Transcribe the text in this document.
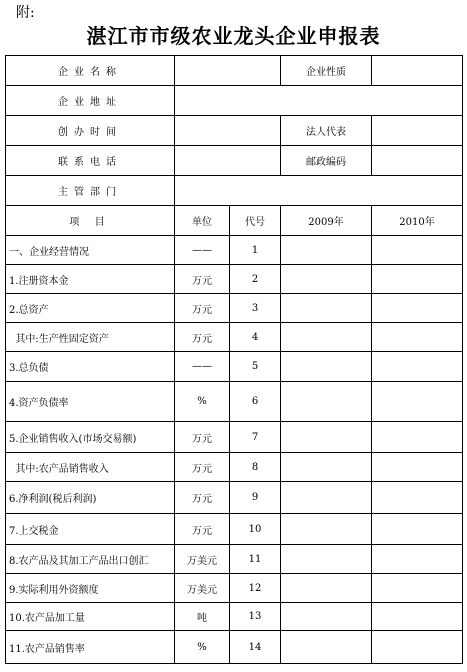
附:
湛江市市级农业龙头企业申报表
企业名称			企业性质	
企业地址				
创办时间			法人代表	
联系电话			邮政编码	
主管部门				
项 目	单位	代号	2009年	2010年
一、企业经营情况	——	1		
1.注册资本金	万元	2		
2.总资产	万元	3		
其中:生产性固定资产	万元	4		
3.总负债	——	5		
4.资产负债率	%	6		
5.企业销售收入(市场交易额)	万元	7		
其中:农产品销售收入	万元	8		
6.净利润(税后利润)	万元	9		
7.上交税金	万元	10		
8.农产品及其加工产品出口创汇	万美元	11		
9.实际利用外资额度	万美元	12		
10.农产品加工量	吨	13		
11.农产品销售率	%	14		
